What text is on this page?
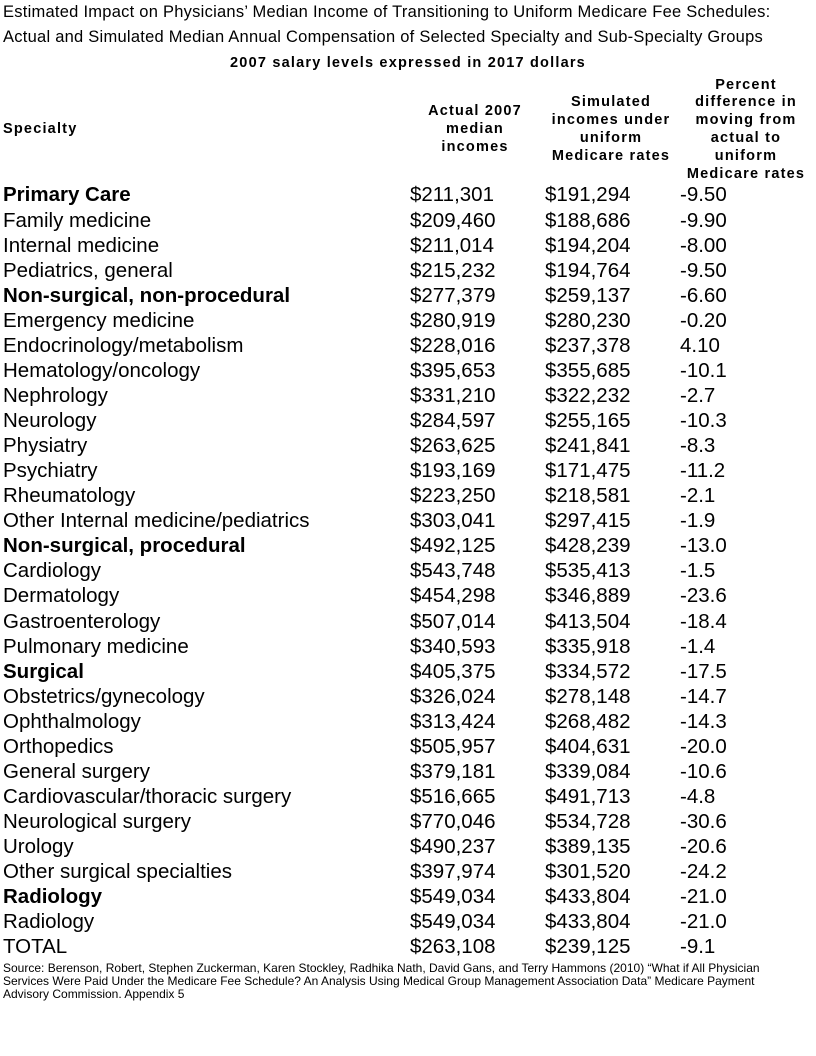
Estimated Impact on Physicians’ Median Income of Transitioning to Uniform Medicare Fee Schedules:
Actual and Simulated Median Annual Compensation of Selected Specialty and Sub-Specialty Groups
2007 salary levels expressed in 2017 dollars
Specialty
Actual 2007
median
incomes
Simulated
incomes under
uniform
Medicare rates
Percent
difference in
moving from
actual to
uniform
Medicare rates
Primary Care	$211,301 $191,294 -9.50
Family medicine	$209,460 $188,686 -9.90
Internal medicine	$211,014 $194,204 -8.00
Pediatrics, general	$215,232 $194,764 -9.50
Non-surgical, non-procedural	$277,379 $259,137 -6.60
Emergency medicine	$280,919 $280,230 -0.20
Endocrinology/metabolism	$228,016 $237,378 4.10
Hematology/oncology	$395,653 $355,685 -10.1
Nephrology	$331,210 $322,232 -2.7
Neurology	$284,597 $255,165 -10.3
Physiatry	$263,625 $241,841 -8.3
Psychiatry	$193,169 $171,475 -11.2
Rheumatology	$223,250 $218,581 -2.1
Other Internal medicine/pediatrics	$303,041 $297,415 -1.9
Non-surgical, procedural	$492,125 $428,239 -13.0
Cardiology	$543,748 $535,413 -1.5
Dermatology	$454,298 $346,889 -23.6
Gastroenterology	$507,014 $413,504 -18.4
Pulmonary medicine	$340,593 $335,918 -1.4
Surgical	$405,375 $334,572 -17.5
Obstetrics/gynecology	$326,024 $278,148 -14.7
Ophthalmology	$313,424 $268,482 -14.3
Orthopedics	$505,957 $404,631 -20.0
General surgery	$379,181 $339,084 -10.6
Cardiovascular/thoracic surgery	$516,665 $491,713 -4.8
Neurological surgery	$770,046 $534,728 -30.6
Urology	$490,237 $389,135 -20.6
Other surgical specialties	$397,974 $301,520 -24.2
Radiology	$549,034 $433,804 -21.0
Radiology	$549,034 $433,804 -21.0
TOTAL	$263,108 $239,125 -9.1
Source: Berenson, Robert, Stephen Zuckerman, Karen Stockley, Radhika Nath, David Gans, and Terry Hammons (2010) “What if All Physician
Services Were Paid Under the Medicare Fee Schedule? An Analysis Using Medical Group Management Association Data” Medicare Payment
Advisory Commission. Appendix 5
